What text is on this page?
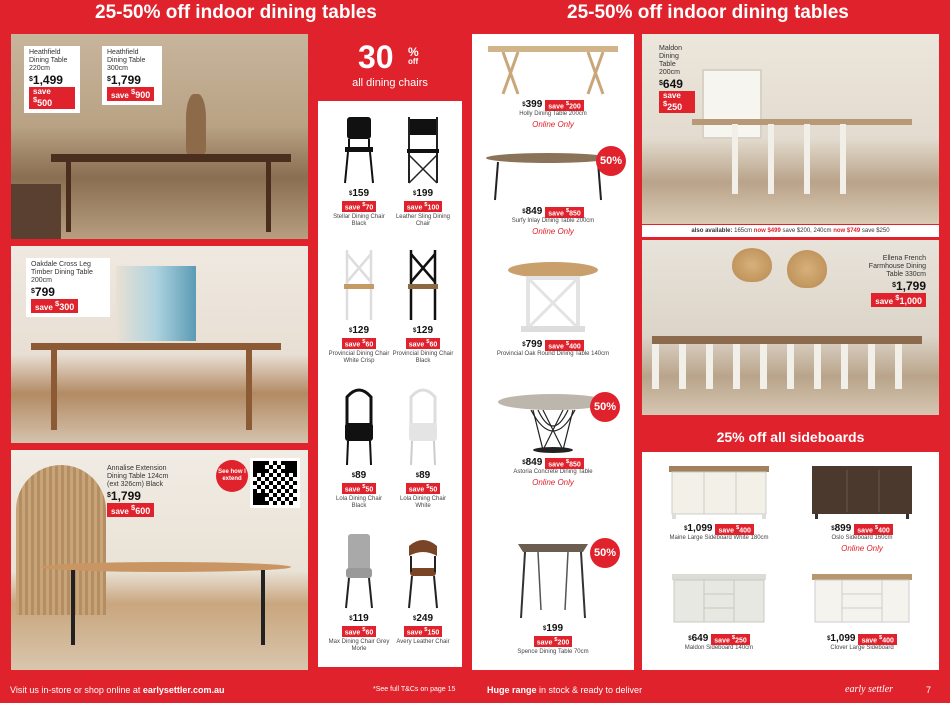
25-50% off indoor dining tables	25-50% off indoor dining tables
Heathfield Dining Table 220cm
$1,499
save $500
Heathfield Dining Table 300cm
$1,799
save $900
Oakdale Cross Leg Timber Dining Table 200cm
$799
save $300
Annalise Extension Dining Table 124cm (ext 326cm) Black
$1,799
save $600
See how I extend
30 %
off
all dining chairs
$159
save $70
Stellar Dining Chair Black
$199
save $100
Leather Sling Dining Chair
$129
save $60
Provincial Dining Chair White Crisp
$129
save $60
Provincial Dining Chair Black
$89
save $50
Lola Dining Chair Black
$89
save $50
Lola Dining Chair White
$119
save $60
Max Dining Chair Grey Morle
$249
save $150
Avery Leather Chair
$399 save $200
Holly Dining Table 200cm
Online Only
$849 save $850
Surfy Inlay Dining Table 200cm
Online Only
50%
$799 save $400
Provincial Oak Round Dining Table 140cm
$849 save $850
Astoria Concrete Dining Table
Online Only
50%
$199
save $200
Spence Dining Table 70cm
50%
Maldon Dining Table 200cm
$649
save $250
also available: 165cm now $499 save $200, 240cm now $749 save $250
Ellena French Farmhouse Dining Table 330cm
$1,799
save $1,000
25% off all sideboards
$1,099 save $400
Maine Large Sideboard White 180cm
$899 save $400
Oslo Sideboard 160cm
Online Only
$649 save $250
Maldon Sideboard 140cm
$1,099 save $400
Clover Large Sideboard
Visit us in-store or shop online at earlysettler.com.au	*See full T&Cs on page 15	Huge range in stock & ready to deliver	early settler	7
